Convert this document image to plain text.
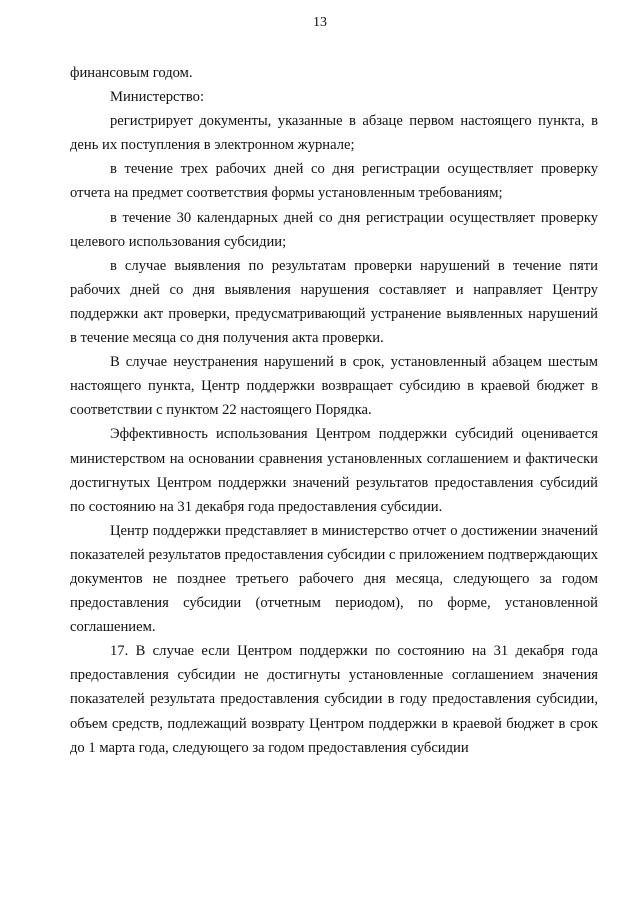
13

финансовым годом.

Министерство:

регистрирует документы, указанные в абзаце первом настоящего пункта, в день их поступления в электронном журнале;

в течение трех рабочих дней со дня регистрации осуществляет проверку отчета на предмет соответствия формы установленным требованиям;

в течение 30 календарных дней со дня регистрации осуществляет проверку целевого использования субсидии;

в случае выявления по результатам проверки нарушений в течение пяти рабочих дней со дня выявления нарушения составляет и направляет Центру поддержки акт проверки, предусматривающий устранение выявленных нарушений в течение месяца со дня получения акта проверки.

В случае неустранения нарушений в срок, установленный абзацем шестым настоящего пункта, Центр поддержки возвращает субсидию в краевой бюджет в соответствии с пунктом 22 настоящего Порядка.

Эффективность использования Центром поддержки субсидий оценивается министерством на основании сравнения установленных соглашением и фактически достигнутых Центром поддержки значений результатов предоставления субсидий по состоянию на 31 декабря года предоставления субсидии.

Центр поддержки представляет в министерство отчет о достижении значений показателей результатов предоставления субсидии с приложением подтверждающих документов не позднее третьего рабочего дня месяца, следующего за годом предоставления субсидии (отчетным периодом), по форме, установленной соглашением.

17. В случае если Центром поддержки по состоянию на 31 декабря года предоставления субсидии не достигнуты установленные соглашением значения показателей результата предоставления субсидии в году предоставления субсидии, объем средств, подлежащий возврату Центром поддержки в краевой бюджет в срок до 1 марта года, следующего за годом предоставления субсидии
